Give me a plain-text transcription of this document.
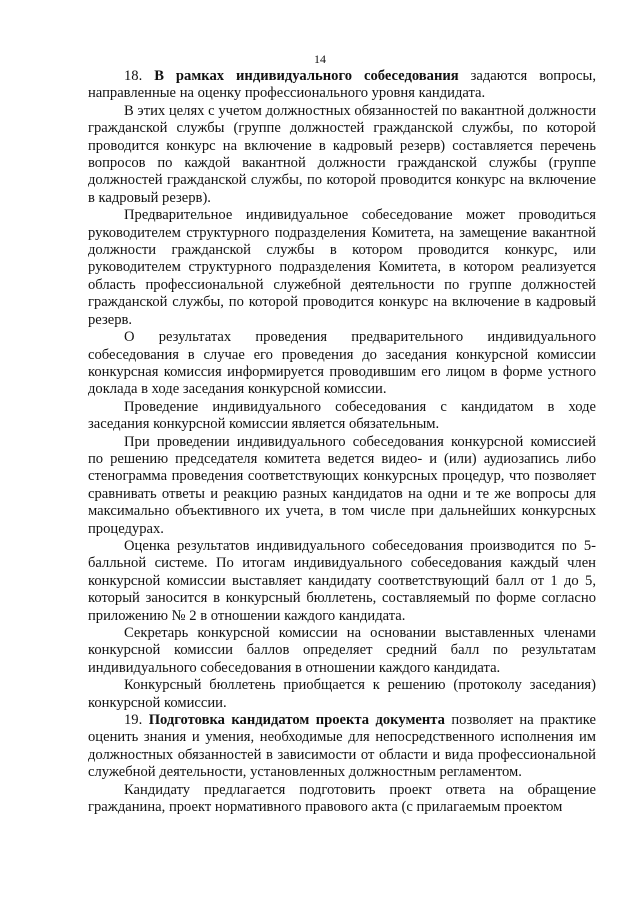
14

18. В рамках индивидуального собеседования задаются вопросы, направленные на оценку профессионального уровня кандидата.

В этих целях с учетом должностных обязанностей по вакантной должности гражданской службы (группе должностей гражданской службы, по которой проводится конкурс на включение в кадровый резерв) составляется перечень вопросов по каждой вакантной должности гражданской службы (группе должностей гражданской службы, по которой проводится конкурс на включение в кадровый резерв).

Предварительное индивидуальное собеседование может проводиться руководителем структурного подразделения Комитета, на замещение вакантной должности гражданской службы в котором проводится конкурс, или руководителем структурного подразделения Комитета, в котором реализуется область профессиональной служебной деятельности по группе должностей гражданской службы, по которой проводится конкурс на включение в кадровый резерв.

О результатах проведения предварительного индивидуального собеседования в случае его проведения до заседания конкурсной комиссии конкурсная комиссия информируется проводившим его лицом в форме устного доклада в ходе заседания конкурсной комиссии.

Проведение индивидуального собеседования с кандидатом в ходе заседания конкурсной комиссии является обязательным.

При проведении индивидуального собеседования конкурсной комиссией по решению председателя комитета ведется видео- и (или) аудиозапись либо стенограмма проведения соответствующих конкурсных процедур, что позволяет сравнивать ответы и реакцию разных кандидатов на одни и те же вопросы для максимально объективного их учета, в том числе при дальнейших конкурсных процедурах.

Оценка результатов индивидуального собеседования производится по 5-балльной системе. По итогам индивидуального собеседования каждый член конкурсной комиссии выставляет кандидату соответствующий балл от 1 до 5, который заносится в конкурсный бюллетень, составляемый по форме согласно приложению № 2 в отношении каждого кандидата.

Секретарь конкурсной комиссии на основании выставленных членами конкурсной комиссии баллов определяет средний балл по результатам индивидуального собеседования в отношении каждого кандидата.

Конкурсный бюллетень приобщается к решению (протоколу заседания) конкурсной комиссии.

19. Подготовка кандидатом проекта документа позволяет на практике оценить знания и умения, необходимые для непосредственного исполнения им должностных обязанностей в зависимости от области и вида профессиональной служебной деятельности, установленных должностным регламентом.

Кандидату предлагается подготовить проект ответа на обращение гражданина, проект нормативного правового акта (с прилагаемым проектом
